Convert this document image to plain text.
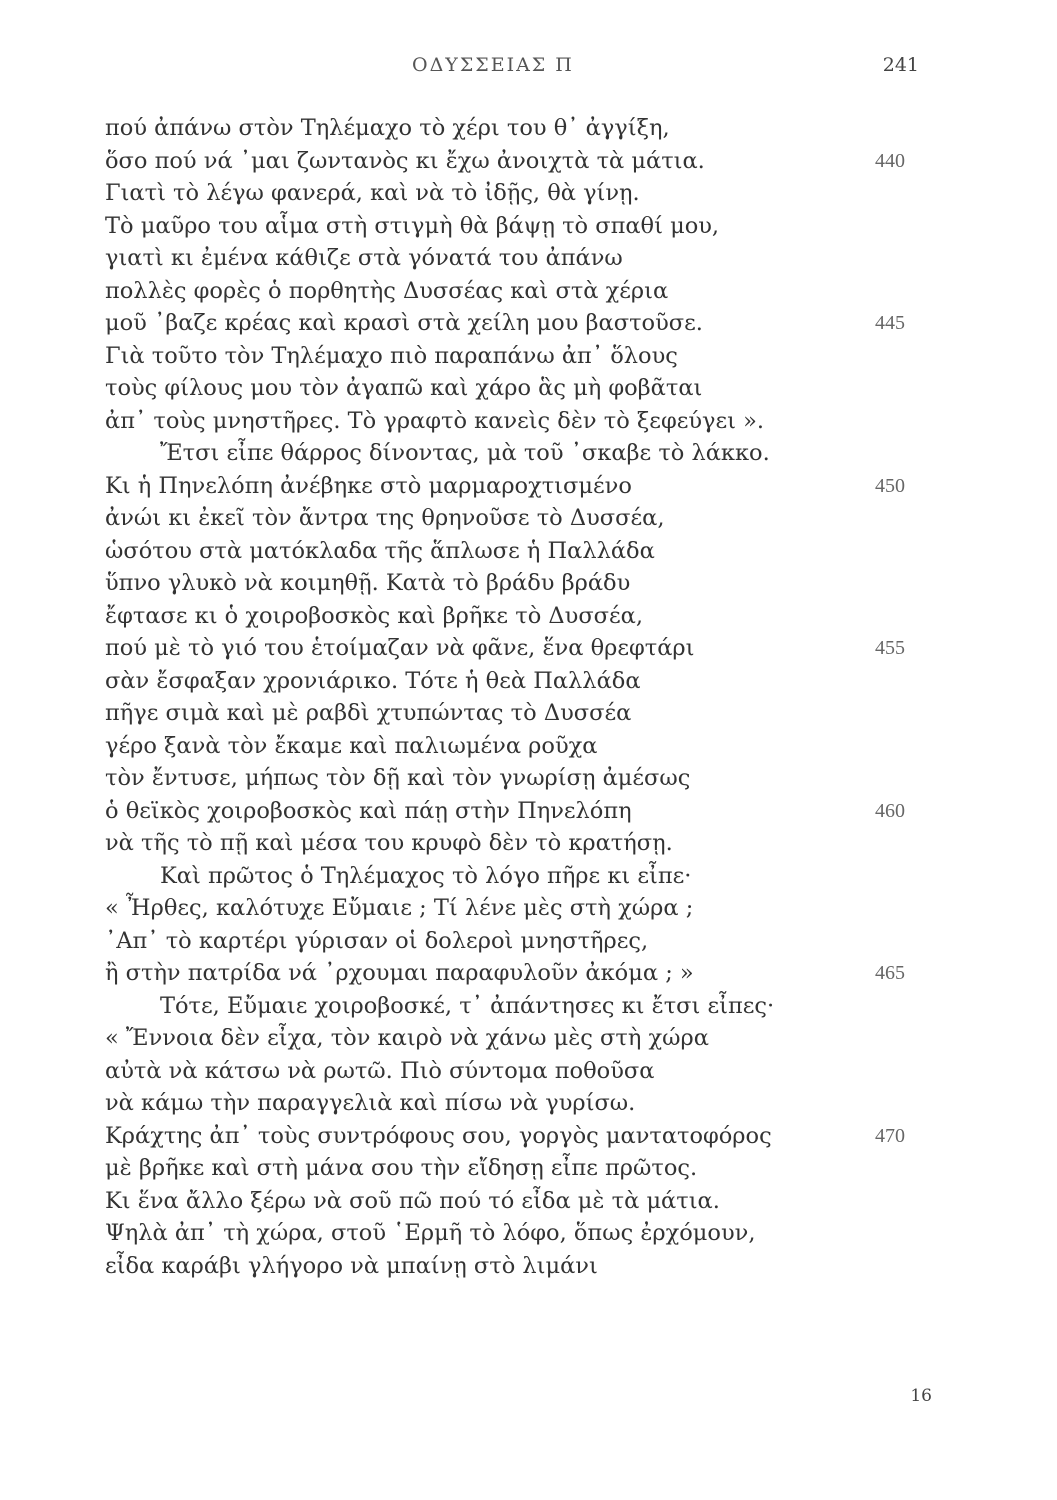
ΟΔΥΣΣΕΙΑΣ Π	241
πού ἀπάνω στὸν Τηλέμαχο τὸ χέρι του θ᾽ ἀγγίξη,
ὅσο πού νά ᾽μαι ζωντανὸς κι ἔχω ἀνοιχτὰ τὰ μάτια.	440
Γιατὶ τὸ λέγω φανερά, καὶ νὰ τὸ ἰδῇς, θὰ γίνῃ.
Τὸ μαῦρο του αἷμα στὴ στιγμὴ θὰ βάψῃ τὸ σπαθί μου,
γιατὶ κι ἐμένα κάθιζε στὰ γόνατά του ἀπάνω
πολλὲς φορὲς ὁ πορθητὴς Δυσσέας καὶ στὰ χέρια
μοῦ ᾽βαζε κρέας καὶ κρασὶ στὰ χείλη μου βαστοῦσε.	445
Γιὰ τοῦτο τὸν Τηλέμαχο πιὸ παραπάνω ἀπ᾽ ὅλους
τοὺς φίλους μου τὸν ἀγαπῶ καὶ χάρο ἃς μὴ φοβᾶται
ἀπ᾽ τοὺς μνηστῆρες. Τὸ γραφτὸ κανεὶς δὲν τὸ ξεφεύγει ».
Ἔτσι εἶπε θάρρος δίνοντας, μὰ τοῦ ᾽σκαβε τὸ λάκκο.
Κι ἡ Πηνελόπη ἀνέβηκε στὸ μαρμαροχτισμένο	450
ἀνώι κι ἐκεῖ τὸν ἄντρα της θρηνοῦσε τὸ Δυσσέα,
ὡσότου στὰ ματόκλαδα τῆς ἅπλωσε ἡ Παλλάδα
ὕπνο γλυκὸ νὰ κοιμηθῇ. Κατὰ τὸ βράδυ βράδυ
ἔφτασε κι ὁ χοιροβοσκὸς καὶ βρῆκε τὸ Δυσσέα,
πού μὲ τὸ γιό του ἑτοίμαζαν νὰ φᾶνε, ἕνα θρεφτάρι	455
σὰν ἔσφαξαν χρονιάρικο. Τότε ἡ θεὰ Παλλάδα
πῆγε σιμὰ καὶ μὲ ραβδὶ χτυπώντας τὸ Δυσσέα
γέρο ξανὰ τὸν ἔκαμε καὶ παλιωμένα ροῦχα
τὸν ἔντυσε, μήπως τὸν δῇ καὶ τὸν γνωρίσῃ ἀμέσως
ὁ θεϊκὸς χοιροβοσκὸς καὶ πάῃ στὴν Πηνελόπη	460
νὰ τῆς τὸ πῇ καὶ μέσα του κρυφὸ δὲν τὸ κρατήσῃ.
Καὶ πρῶτος ὁ Τηλέμαχος τὸ λόγο πῆρε κι εἶπε·
« Ἦρθες, καλότυχε Εὔμαιε ; Τί λένε μὲς στὴ χώρα ;
᾽Απ᾽ τὸ καρτέρι γύρισαν οἱ δολεροὶ μνηστῆρες,
ἢ στὴν πατρίδα νά ᾽ρχουμαι παραφυλοῦν ἀκόμα ; »	465
Τότε, Εὔμαιε χοιροβοσκέ, τ᾽ ἀπάντησες κι ἔτσι εἶπες·
« Ἔννοια δὲν εἶχα, τὸν καιρὸ νὰ χάνω μὲς στὴ χώρα
αὐτὰ νὰ κάτσω νὰ ρωτῶ. Πιὸ σύντομα ποθοῦσα
νὰ κάμω τὴν παραγγελιὰ καὶ πίσω νὰ γυρίσω.
Κράχτης ἀπ᾽ τοὺς συντρόφους σου, γοργὸς μαντατοφόρος	470
μὲ βρῆκε καὶ στὴ μάνα σου τὴν εἴδησῃ εἶπε πρῶτος.
Κι ἕνα ἄλλο ξέρω νὰ σοῦ πῶ πού τό εἶδα μὲ τὰ μάτια.
Ψηλὰ ἀπ᾽ τὴ χώρα, στοῦ ῾Ερμῆ τὸ λόφο, ὅπως ἐρχόμουν,
εἶδα καράβι γλήγορο νὰ μπαίνῃ στὸ λιμάνι
16
